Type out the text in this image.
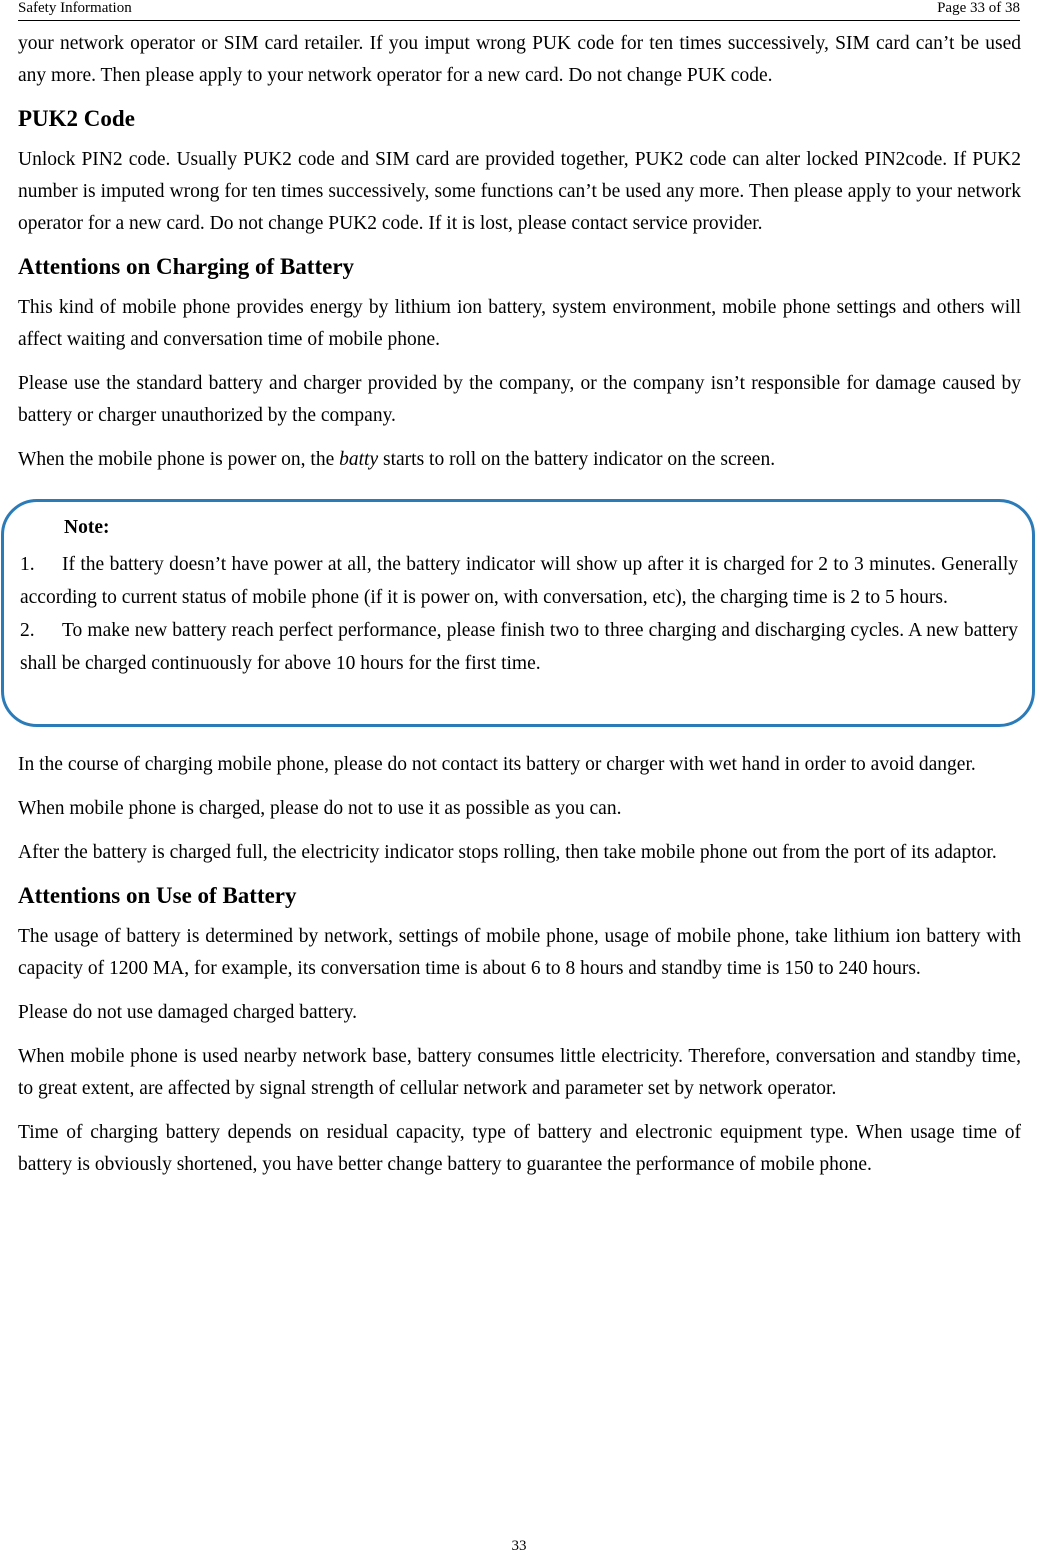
Safety Information	Page 33 of 38

your network operator or SIM card retailer. If you imput wrong PUK code for ten times successively, SIM card can’t be used any more. Then please apply to your network operator for a new card. Do not change PUK code.

PUK2 Code

Unlock PIN2 code. Usually PUK2 code and SIM card are provided together, PUK2 code can alter locked PIN2code. If PUK2 number is imputed wrong for ten times successively, some functions can’t be used any more. Then please apply to your network operator for a new card. Do not change PUK2 code. If it is lost, please contact service provider.

Attentions on Charging of Battery

This kind of mobile phone provides energy by lithium ion battery, system environment, mobile phone settings and others will affect waiting and conversation time of mobile phone.

Please use the standard battery and charger provided by the company, or the company isn’t responsible for damage caused by battery or charger unauthorized by the company.

When the mobile phone is power on, the batty starts to roll on the battery indicator on the screen.

Note:

1. If the battery doesn’t have power at all, the battery indicator will show up after it is charged for 2 to 3 minutes. Generally according to current status of mobile phone (if it is power on, with conversation, etc), the charging time is 2 to 5 hours.

2. To make new battery reach perfect performance, please finish two to three charging and discharging cycles. A new battery shall be charged continuously for above 10 hours for the first time.

In the course of charging mobile phone, please do not contact its battery or charger with wet hand in order to avoid danger.

When mobile phone is charged, please do not to use it as possible as you can.

After the battery is charged full, the electricity indicator stops rolling, then take mobile phone out from the port of its adaptor.

Attentions on Use of Battery

The usage of battery is determined by network, settings of mobile phone, usage of mobile phone, take lithium ion battery with capacity of 1200 MA, for example, its conversation time is about 6 to 8 hours and standby time is 150 to 240 hours.

Please do not use damaged charged battery.

When mobile phone is used nearby network base, battery consumes little electricity. Therefore, conversation and standby time, to great extent, are affected by signal strength of cellular network and parameter set by network operator.

Time of charging battery depends on residual capacity, type of battery and electronic equipment type. When usage time of battery is obviously shortened, you have better change battery to guarantee the performance of mobile phone.

33
